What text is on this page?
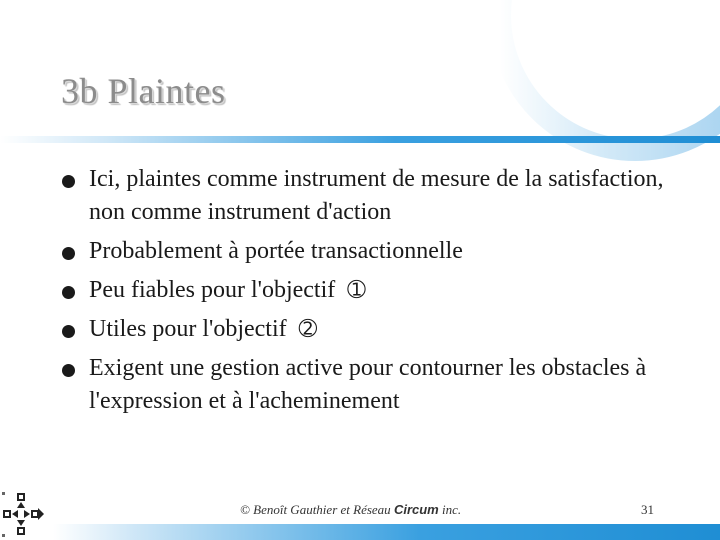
3b Plaintes
Ici, plaintes comme instrument de mesure de la satisfaction, non comme instrument d'action
Probablement à portée transactionnelle
Peu fiables pour l'objectif ➀
Utiles pour l'objectif ➁
Exigent une gestion active pour contourner les obstacles à l'expression et à l'acheminement
© Benoît Gauthier et Réseau Circum inc.	31
